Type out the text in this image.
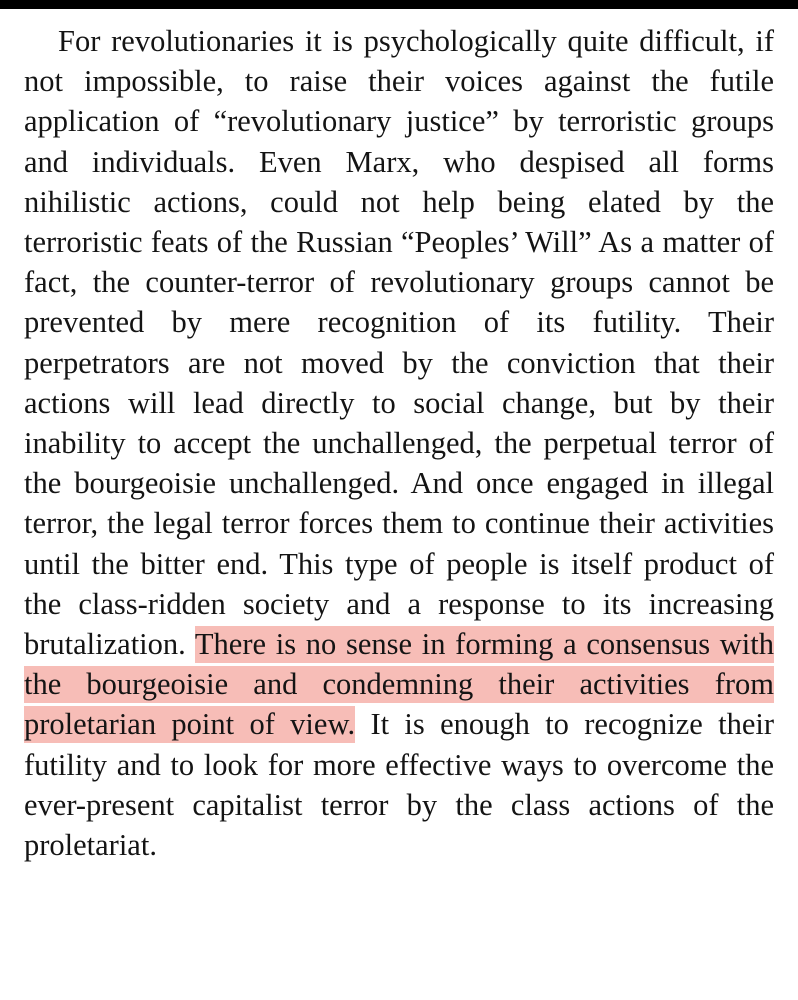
For revolutionaries it is psychologically quite difficult, if not impossible, to raise their voices against the futile application of “revolutionary justice” by terroristic groups and individuals. Even Marx, who despised all forms nihilistic actions, could not help being elated by the terroristic feats of the Russian “Peoples’ Will” As a matter of fact, the counter-terror of revolutionary groups cannot be prevented by mere recognition of its futility. Their perpetrators are not moved by the conviction that their actions will lead directly to social change, but by their inability to accept the unchallenged, the perpetual terror of the bourgeoisie unchallenged. And once engaged in illegal terror, the legal terror forces them to continue their activities until the bitter end. This type of people is itself product of the class-ridden society and a response to its increasing brutalization. There is no sense in forming a consensus with the bourgeoisie and condemning their activities from proletarian point of view. It is enough to recognize their futility and to look for more effective ways to overcome the ever-present capitalist terror by the class actions of the proletariat.
